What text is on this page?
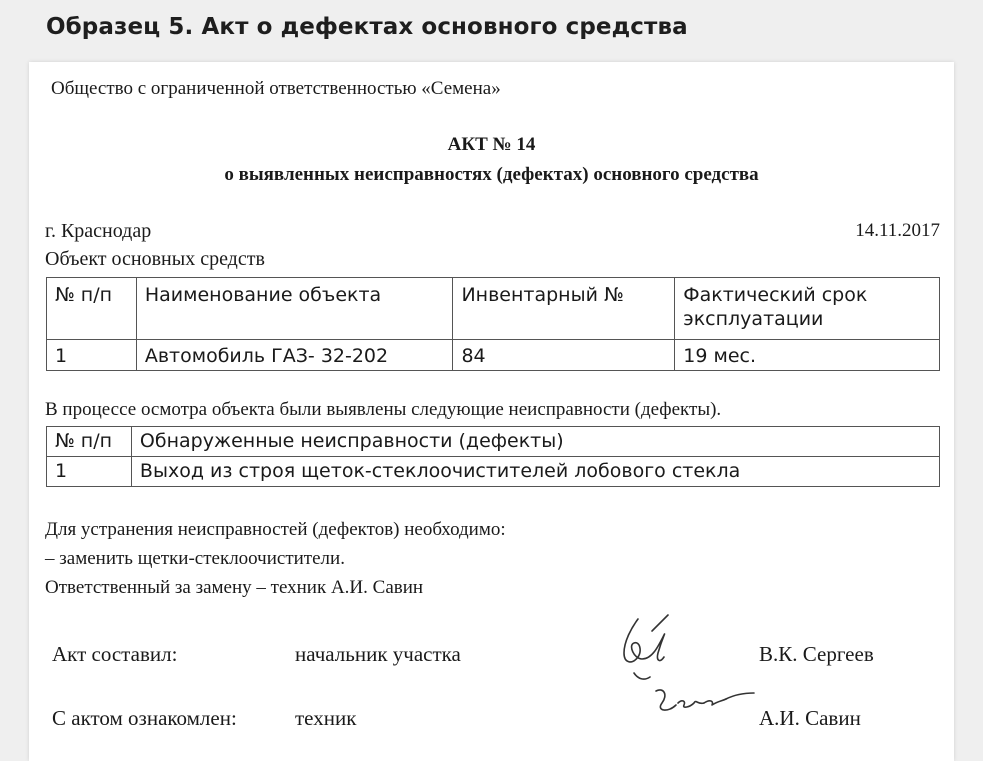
Образец 5. Акт о дефектах основного средства
Общество с ограниченной ответственностью «Семена»
АКТ № 14
о выявленных неисправностях (дефектах) основного средства
г. Краснодар	14.11.2017
Объект основных средств
№ п/п	Наименование объекта	Инвентарный №	Фактический срок эксплуатации
1	Автомобиль ГАЗ- 32-202	84	19 мес.
В процессе осмотра объекта были выявлены следующие неисправности (дефекты).
№ п/п	Обнаруженные неисправности (дефекты)
1	Выход из строя щеток-стеклоочистителей лобового стекла
Для устранения неисправностей (дефектов) необходимо:
– заменить щетки-стеклоочистители.
Ответственный за замену – техник А.И. Савин
Акт составил:	начальник участка	В.К. Сергеев
С актом ознакомлен:	техник	А.И. Савин
